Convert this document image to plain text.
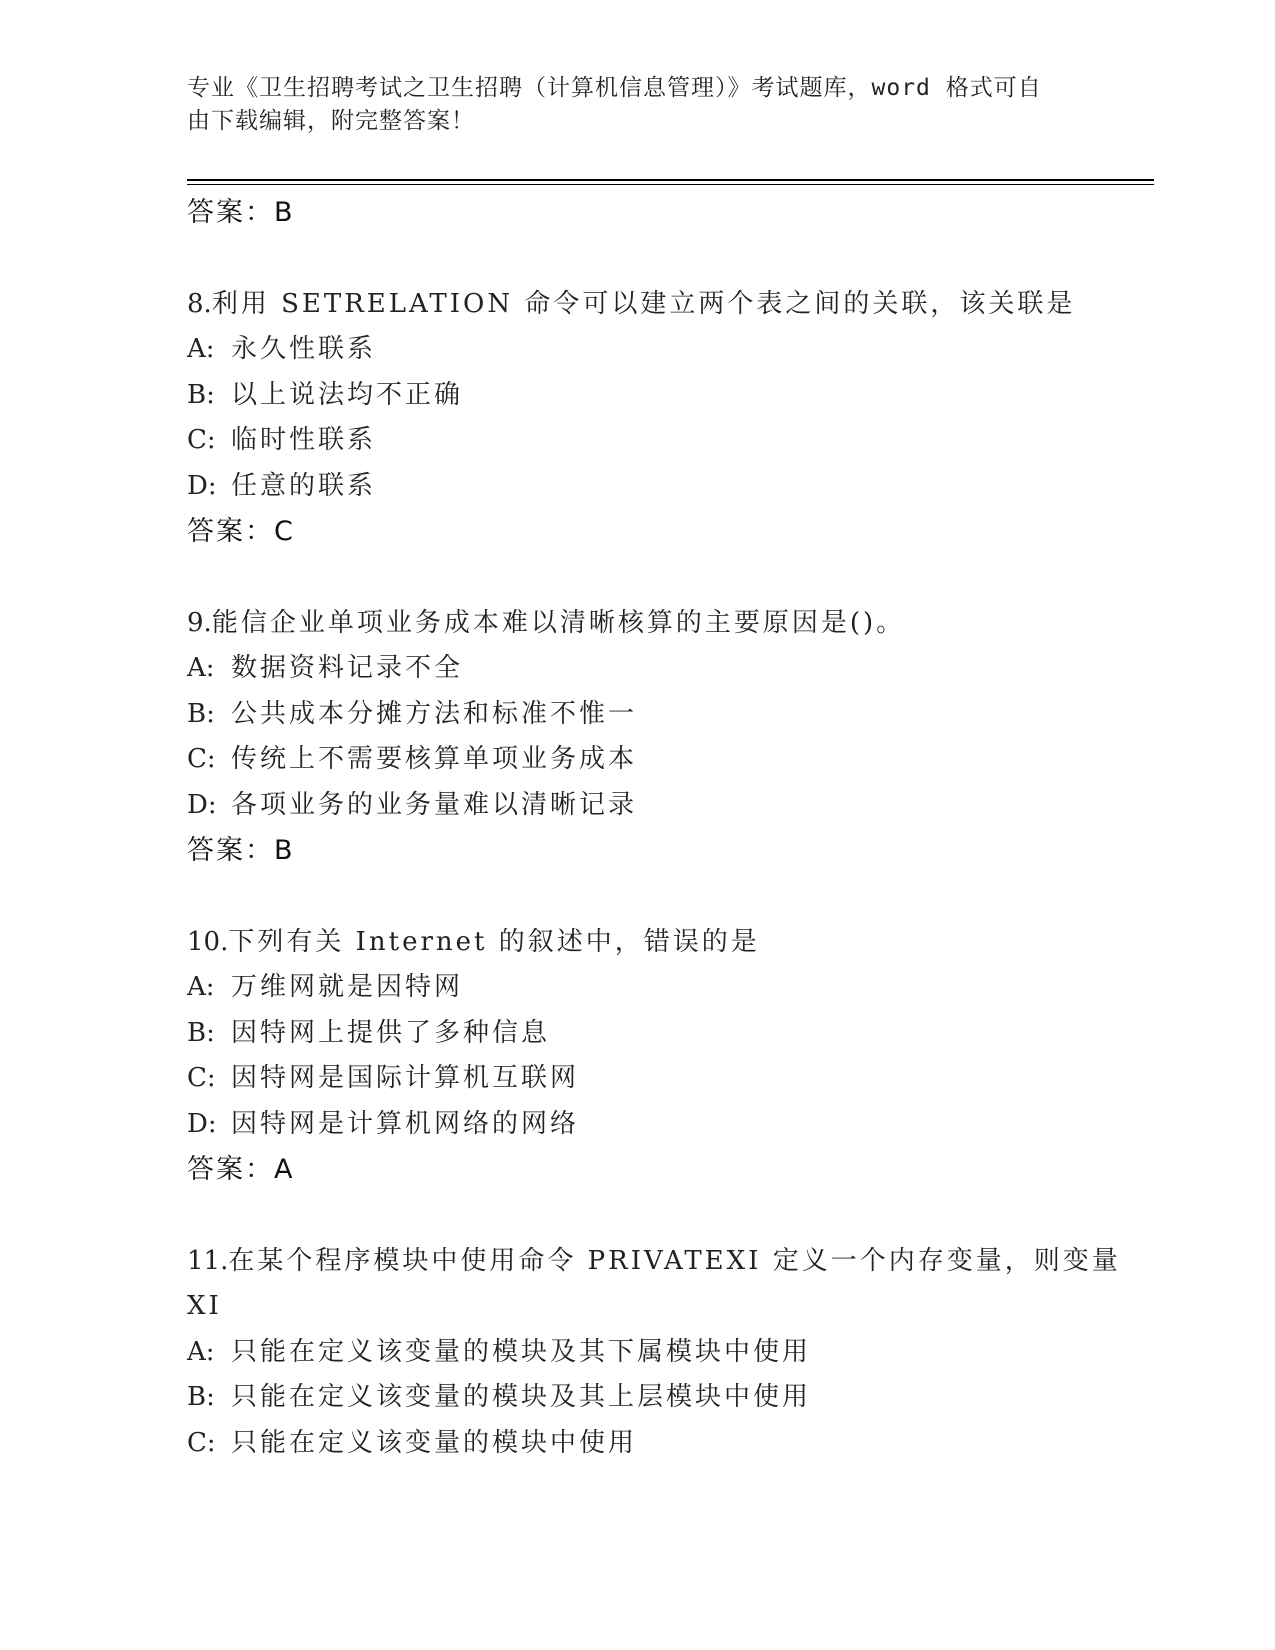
专业《卫生招聘考试之卫生招聘（计算机信息管理）》考试题库，word 格式可自
由下载编辑，附完整答案！
答案：B
8.利用 SETRELATION 命令可以建立两个表之间的关联，该关联是
A: 永久性联系
B: 以上说法均不正确
C: 临时性联系
D: 任意的联系
答案：C
9.能信企业单项业务成本难以清晰核算的主要原因是()。
A: 数据资料记录不全
B: 公共成本分摊方法和标准不惟一
C: 传统上不需要核算单项业务成本
D: 各项业务的业务量难以清晰记录
答案：B
10.下列有关 Internet 的叙述中，错误的是
A: 万维网就是因特网
B: 因特网上提供了多种信息
C: 因特网是国际计算机互联网
D: 因特网是计算机网络的网络
答案：A
11.在某个程序模块中使用命令 PRIVATEXI 定义一个内存变量，则变量
XI
A: 只能在定义该变量的模块及其下属模块中使用
B: 只能在定义该变量的模块及其上层模块中使用
C: 只能在定义该变量的模块中使用
